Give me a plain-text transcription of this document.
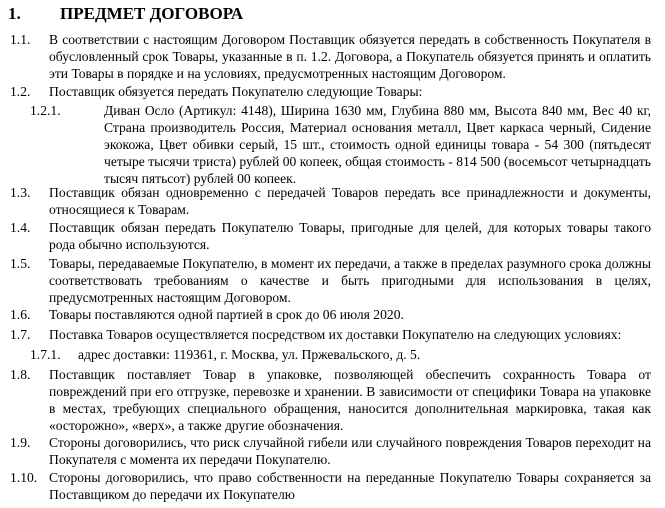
1. ПРЕДМЕТ ДОГОВОРА
1.1. В соответствии с настоящим Договором Поставщик обязуется передать в собственность Покупателя в обусловленный срок Товары, указанные в п. 1.2. Договора, а Покупатель обязуется принять и оплатить эти Товары в порядке и на условиях, предусмотренных настоящим Договором.
1.2. Поставщик обязуется передать Покупателю следующие Товары:
1.2.1.	Диван Осло (Артикул: 4148), Ширина 1630 мм, Глубина 880 мм, Высота 840 мм, Вес 40 кг, Страна производитель Россия, Материал основания металл, Цвет каркаса черный, Сидение экокожа, Цвет обивки серый, 15 шт., стоимость одной единицы товара - 54 300 (пятьдесят четыре тысячи триста) рублей 00 копеек, общая стоимость - 814 500 (восемьсот четырнадцать тысяч пятьсот) рублей 00 копеек.
1.3. Поставщик обязан одновременно с передачей Товаров передать все принадлежности и документы, относящиеся к Товарам.
1.4. Поставщик обязан передать Покупателю Товары, пригодные для целей, для которых товары такого рода обычно используются.
1.5. Товары, передаваемые Покупателю, в момент их передачи, а также в пределах разумного срока должны соответствовать требованиям о качестве и быть пригодными для использования в целях, предусмотренных настоящим Договором.
1.6. Товары поставляются одной партией в срок до 06 июля 2020.
1.7. Поставка Товаров осуществляется посредством их доставки Покупателю на следующих условиях:
1.7.1. адрес доставки: 119361, г. Москва, ул. Пржевальского, д. 5.
1.8. Поставщик поставляет Товар в упаковке, позволяющей обеспечить сохранность Товара от повреждений при его отгрузке, перевозке и хранении. В зависимости от специфики Товара на упаковке в местах, требующих специального обращения, наносится дополнительная маркировка, такая как «осторожно», «верх», а также другие обозначения.
1.9. Стороны договорились, что риск случайной гибели или случайного повреждения Товаров переходит на Покупателя с момента их передачи Покупателю.
1.10. Стороны договорились, что право собственности на переданные Покупателю Товары сохраняется за Поставщиком до передачи их Покупателю
